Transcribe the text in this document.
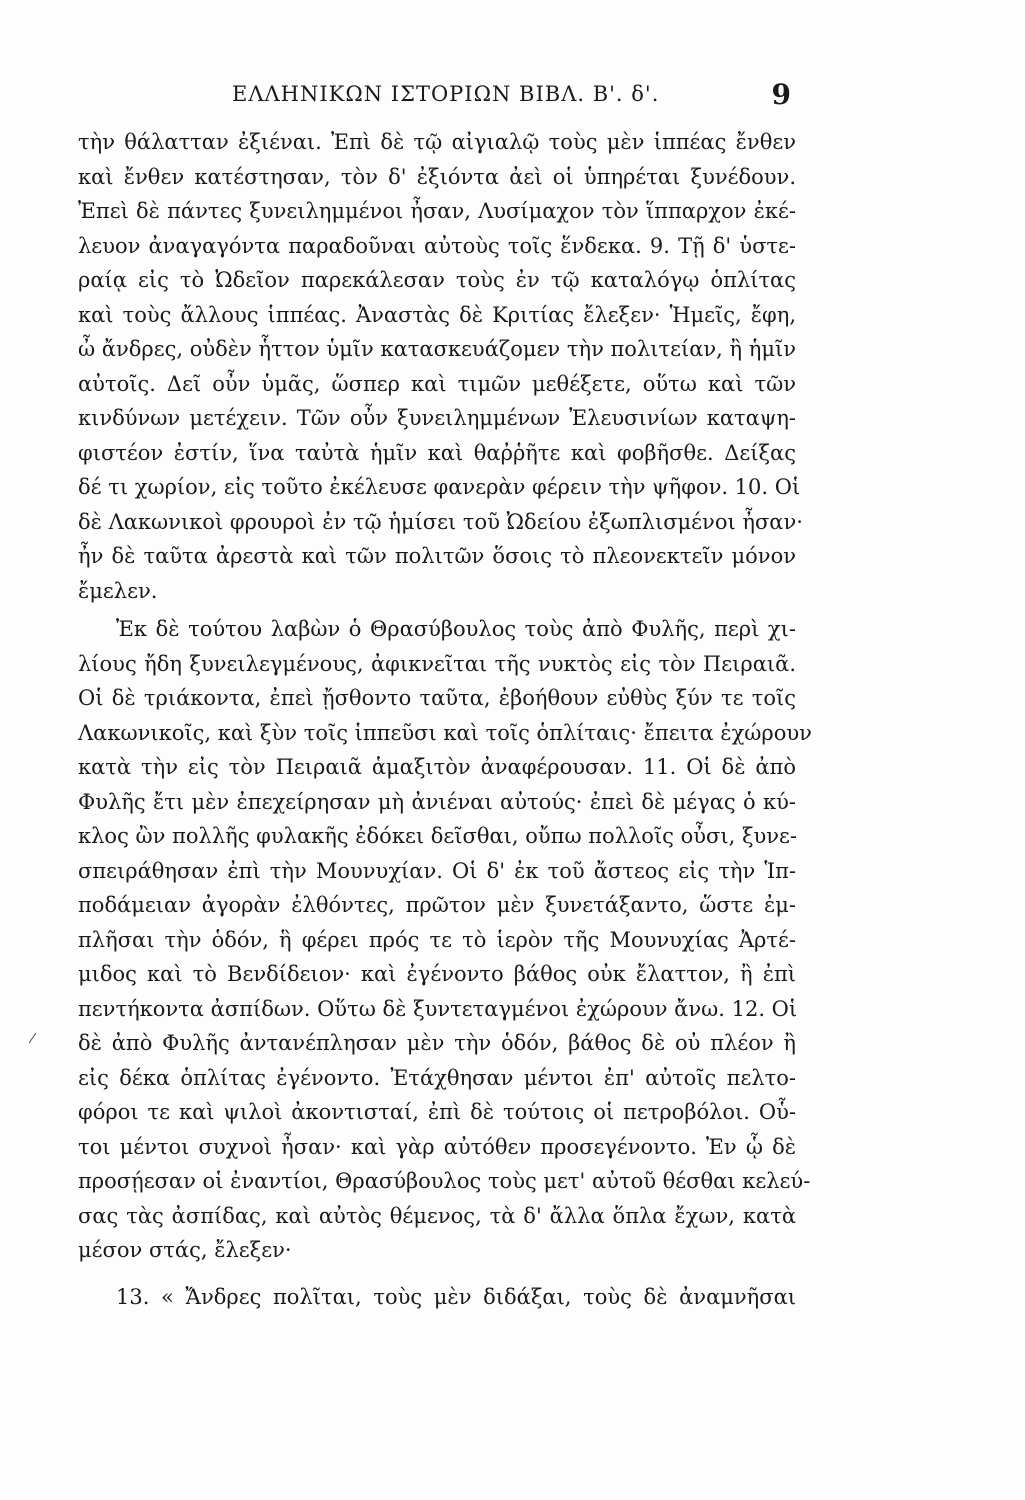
ΕΛΛΗΝΙΚΩΝ ΙΣΤΟΡΙΩΝ ΒΙΒΛ. Β'. δ'.	9
τὴν θάλατταν ἐξιέναι. Ἐπὶ δὲ τῷ αἰγιαλῷ τοὺς μὲν ἱππέας ἔνθεν
καὶ ἔνθεν κατέστησαν, τὸν δ' ἐξιόντα ἀεὶ οἱ ὑπηρέται ξυνέδουν.
Ἐπεὶ δὲ πάντες ξυνειλημμένοι ἦσαν, Λυσίμαχον τὸν ἵππαρχον ἐκέ-
λευον ἀναγαγόντα παραδοῦναι αὐτοὺς τοῖς ἕνδεκα. 9. Τῇ δ' ὑστε-
ραίᾳ εἰς τὸ Ὠδεῖον παρεκάλεσαν τοὺς ἐν τῷ καταλόγῳ ὁπλίτας
καὶ τοὺς ἄλλους ἱππέας. Ἀναστὰς δὲ Κριτίας ἔλεξεν· Ἡμεῖς, ἔφη,
ὦ ἄνδρες, οὐδὲν ἧττον ὑμῖν κατασκευάζομεν τὴν πολιτείαν, ἢ ἡμῖν
αὐτοῖς. Δεῖ οὖν ὑμᾶς, ὥσπερ καὶ τιμῶν μεθέξετε, οὕτω καὶ τῶν
κινδύνων μετέχειν. Τῶν οὖν ξυνειλημμένων Ἐλευσινίων καταψη-
φιστέον ἐστίν, ἵνα ταὐτὰ ἡμῖν καὶ θαῤῥῆτε καὶ φοβῆσθε. Δείξας
δέ τι χωρίον, εἰς τοῦτο ἐκέλευσε φανερὰν φέρειν τὴν ψῆφον. 10. Οἱ
δὲ Λακωνικοὶ φρουροὶ ἐν τῷ ἡμίσει τοῦ Ὠδείου ἐξωπλισμένοι ἦσαν·
ἦν δὲ ταῦτα ἀρεστὰ καὶ τῶν πολιτῶν ὅσοις τὸ πλεονεκτεῖν μόνον
ἔμελεν.
Ἐκ δὲ τούτου λαβὼν ὁ Θρασύβουλος τοὺς ἀπὸ Φυλῆς, περὶ χι-
λίους ἤδη ξυνειλεγμένους, ἀφικνεῖται τῆς νυκτὸς εἰς τὸν Πειραιᾶ.
Οἱ δὲ τριάκοντα, ἐπεὶ ᾔσθοντο ταῦτα, ἐβοήθουν εὐθὺς ξύν τε τοῖς
Λακωνικοῖς, καὶ ξὺν τοῖς ἱππεῦσι καὶ τοῖς ὁπλίταις· ἔπειτα ἐχώρουν
κατὰ τὴν εἰς τὸν Πειραιᾶ ἁμαξιτὸν ἀναφέρουσαν. 11. Οἱ δὲ ἀπὸ
Φυλῆς ἔτι μὲν ἐπεχείρησαν μὴ ἀνιέναι αὐτούς· ἐπεὶ δὲ μέγας ὁ κύ-
κλος ὢν πολλῆς φυλακῆς ἐδόκει δεῖσθαι, οὔπω πολλοῖς οὖσι, ξυνε-
σπειράθησαν ἐπὶ τὴν Μουνυχίαν. Οἱ δ' ἐκ τοῦ ἄστεος εἰς τὴν Ἱπ-
ποδάμειαν ἀγορὰν ἐλθόντες, πρῶτον μὲν ξυνετάξαντο, ὥστε ἐμ-
πλῆσαι τὴν ὁδόν, ἣ φέρει πρός τε τὸ ἱερὸν τῆς Μουνυχίας Ἀρτέ-
μιδος καὶ τὸ Βενδίδειον· καὶ ἐγένοντο βάθος οὐκ ἔλαττον, ἢ ἐπὶ
πεντήκοντα ἀσπίδων. Οὕτω δὲ ξυντεταγμένοι ἐχώρουν ἄνω. 12. Οἱ
δὲ ἀπὸ Φυλῆς ἀντανέπλησαν μὲν τὴν ὁδόν, βάθος δὲ οὐ πλέον ἢ
εἰς δέκα ὁπλίτας ἐγένοντο. Ἐτάχθησαν μέντοι ἐπ' αὐτοῖς πελτο-
φόροι τε καὶ ψιλοὶ ἀκοντισταί, ἐπὶ δὲ τούτοις οἱ πετροβόλοι. Οὗ-
τοι μέντοι συχνοὶ ἦσαν· καὶ γὰρ αὐτόθεν προσεγένοντο. Ἐν ᾧ δὲ
προσῄεσαν οἱ ἐναντίοι, Θρασύβουλος τοὺς μετ' αὐτοῦ θέσθαι κελεύ-
σας τὰς ἀσπίδας, καὶ αὐτὸς θέμενος, τὰ δ' ἄλλα ὅπλα ἔχων, κατὰ
μέσον στάς, ἔλεξεν·
13. « Ἄνδρες πολῖται, τοὺς μὲν διδάξαι, τοὺς δὲ ἀναμνῆσαι
